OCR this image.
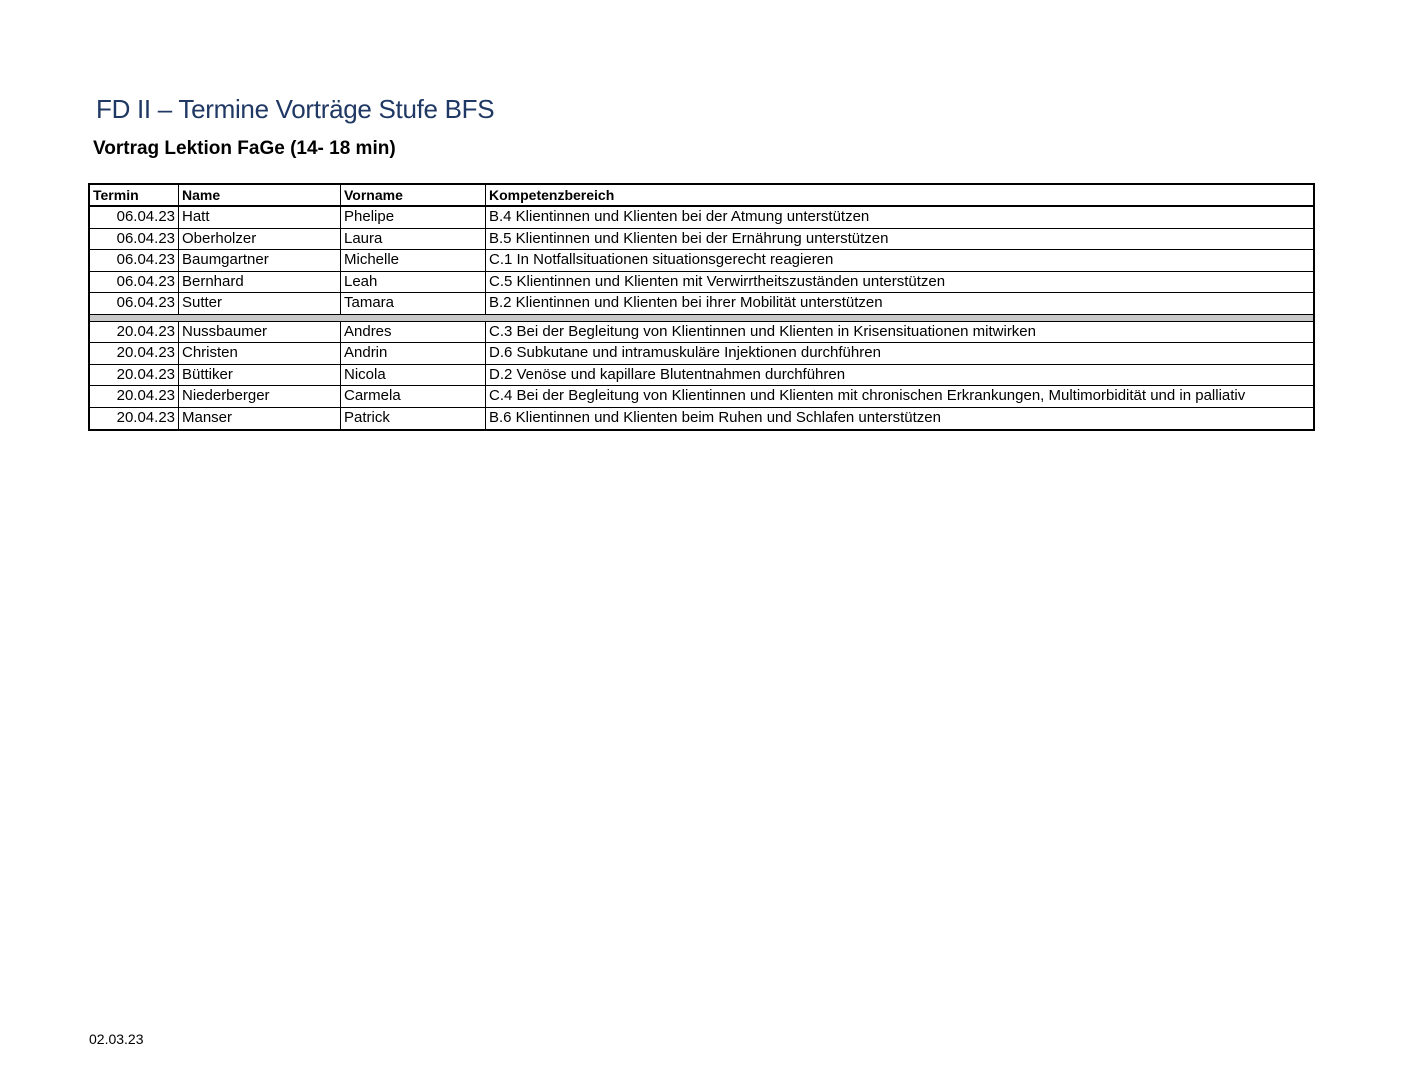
FD II – Termine Vorträge Stufe BFS
Vortrag Lektion FaGe (14- 18 min)
Termin	Name	Vorname	Kompetenzbereich
06.04.23 Hatt	Phelipe	B.4 Klientinnen und Klienten bei der Atmung unterstützen
06.04.23 Oberholzer	Laura	B.5 Klientinnen und Klienten bei der Ernährung unterstützen
06.04.23 Baumgartner	Michelle	C.1 In Notfallsituationen situationsgerecht reagieren
06.04.23 Bernhard	Leah	C.5 Klientinnen und Klienten mit Verwirrtheitszuständen unterstützen
06.04.23 Sutter	Tamara	B.2 Klientinnen und Klienten bei ihrer Mobilität unterstützen
20.04.23 Nussbaumer	Andres	C.3 Bei der Begleitung von Klientinnen und Klienten in Krisensituationen mitwirken
20.04.23 Christen	Andrin	D.6 Subkutane und intramuskuläre Injektionen durchführen
20.04.23 Büttiker	Nicola	D.2 Venöse und kapillare Blutentnahmen durchführen
20.04.23 Niederberger	Carmela	C.4 Bei der Begleitung von Klientinnen und Klienten mit chronischen Erkrankungen, Multimorbidität und in palliativ
20.04.23 Manser	Patrick	B.6 Klientinnen und Klienten beim Ruhen und Schlafen unterstützen
02.03.23
